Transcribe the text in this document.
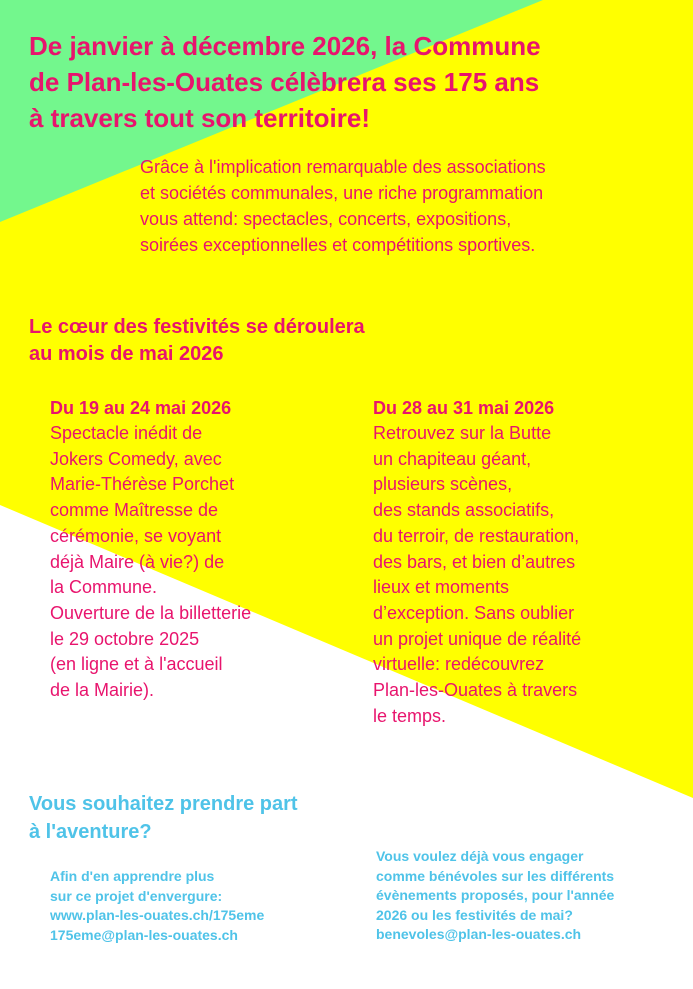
De janvier à décembre 2026, la Commune
de Plan-les-Ouates célèbrera ses 175 ans
à travers tout son territoire!

Grâce à l'implication remarquable des associations
et sociétés communales, une riche programmation
vous attend: spectacles, concerts, expositions,
soirées exceptionnelles et compétitions sportives.

Le cœur des festivités se déroulera
au mois de mai 2026

Du 19 au 24 mai 2026

Spectacle inédit de
Jokers Comedy, avec
Marie-Thérèse Porchet
comme Maîtresse de
cérémonie, se voyant
déjà Maire (à vie?) de
la Commune.
Ouverture de la billetterie
le 29 octobre 2025
(en ligne et à l'accueil
de la Mairie).

Du 28 au 31 mai 2026

Retrouvez sur la Butte
un chapiteau géant,
plusieurs scènes,
des stands associatifs,
du terroir, de restauration,
des bars, et bien d’autres
lieux et moments
d’exception. Sans oublier
un projet unique de réalité
virtuelle: redécouvrez
Plan-les-Ouates à travers
le temps.

Vous souhaitez prendre part
à l'aventure?

Afin d'en apprendre plus
sur ce projet d'envergure:

www.plan-les-ouates.ch/175eme

175eme@plan-les-ouates.ch

Vous voulez déjà vous engager
comme bénévoles sur les différents
évènements proposés, pour l'année
2026 ou les festivités de mai?

benevoles@plan-les-ouates.ch
